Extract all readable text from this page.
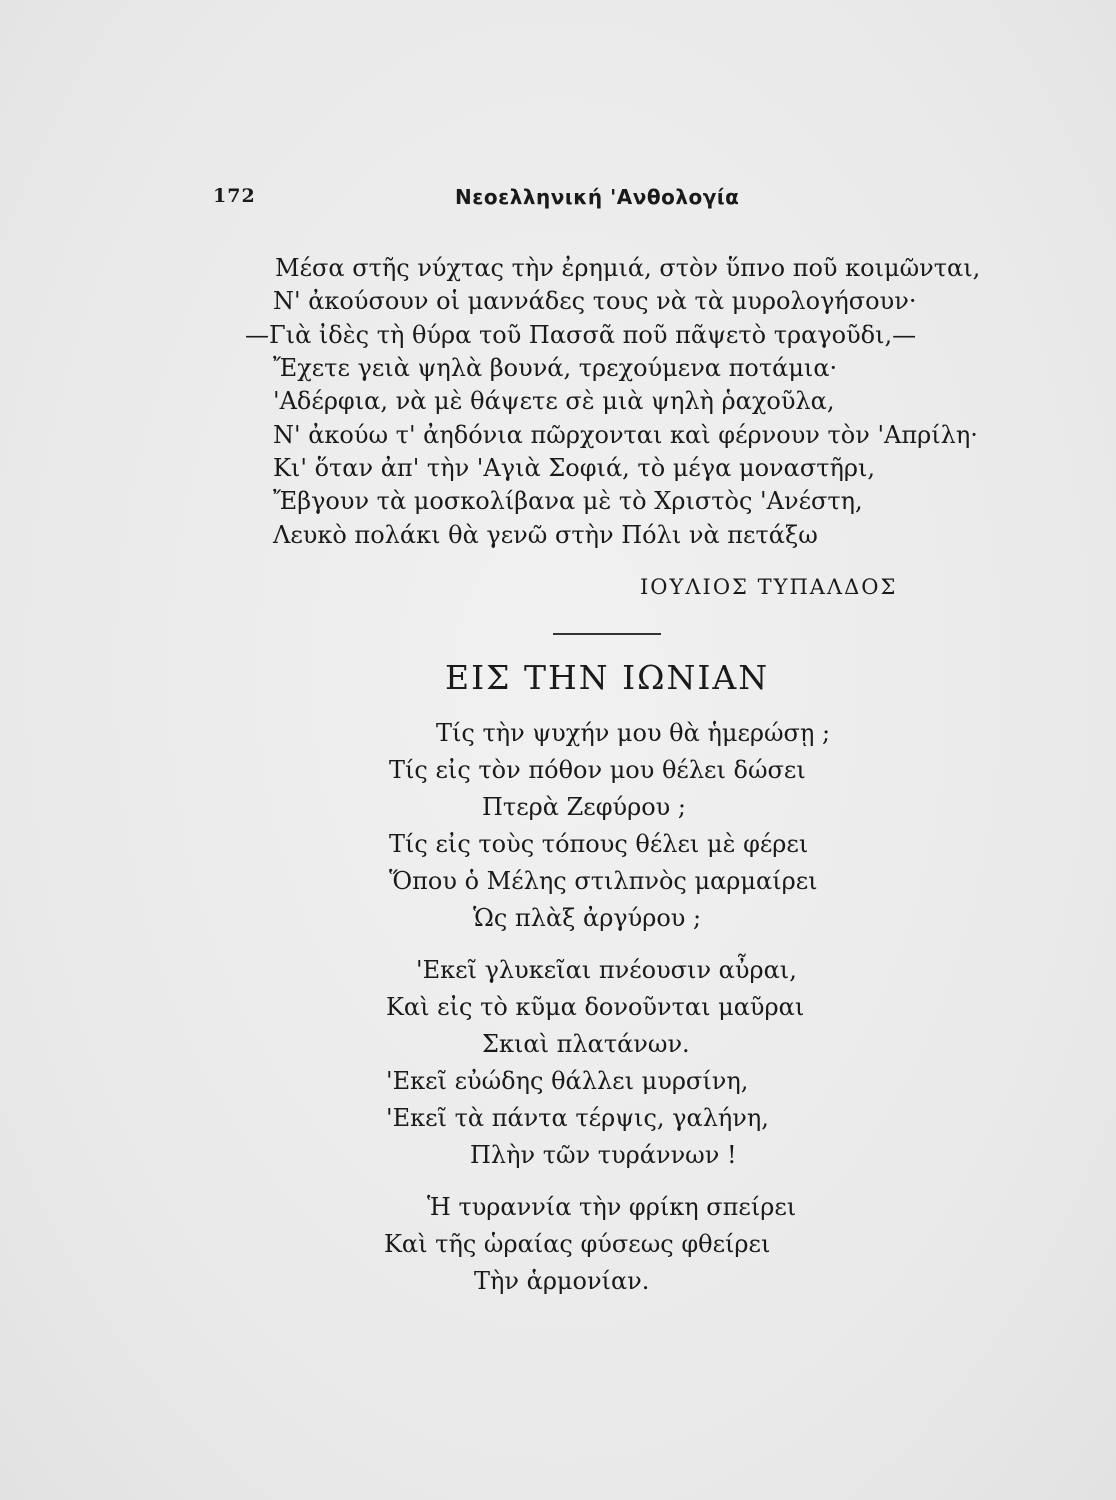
172	Νεοελληνική 'Ανθολογία
Μέσα στῆς νύχτας τὴν ἐρημιά, στὸν ὕπνο ποῦ κοιμῶνται,
Ν' ἀκούσουν οἱ μαννάδες τους νὰ τὰ μυρολογήσουν·
—Γιὰ ἰδὲς τὴ θύρα τοῦ Πασσᾶ ποῦ πᾶψετὸ τραγοῦδι,—
Ἔχετε γειὰ ψηλὰ βουνά, τρεχούμενα ποτάμια·
'Αδέρφια, νὰ μὲ θάψετε σὲ μιὰ ψηλὴ ῥαχοῦλα,
Ν' ἀκούω τ' ἀηδόνια πῶρχονται καὶ φέρνουν τὸν 'Απρίλη·
Κι' ὅταν ἀπ' τὴν 'Αγιὰ Σοφιά, τὸ μέγα μοναστῆρι,
Ἔβγουν τὰ μοσκολίβανα μὲ τὸ Χριστὸς 'Ανέστη,
Λευκὸ πολάκι θὰ γενῶ στὴν Πόλι νὰ πετάξω
ΙΟΥΛΙΟΣ ΤΥΠΑΛΔΟΣ
ΕΙΣ ΤΗΝ ΙΩΝΙΑΝ
Τίς τὴν ψυχήν μου θὰ ἡμερώσῃ ;
Τίς εἰς τὸν πόθον μου θέλει δώσει
Πτερὰ Ζεφύρου ;
Τίς εἰς τοὺς τόπους θέλει μὲ φέρει
Ὅπου ὁ Μέλης στιλπνὸς μαρμαίρει
Ὡς πλὰξ ἀργύρου ;
'Εκεῖ γλυκεῖαι πνέουσιν αὖραι,
Καὶ εἰς τὸ κῦμα δονοῦνται μαῦραι
Σκιαὶ πλατάνων.
'Εκεῖ εὐώδης θάλλει μυρσίνη,
'Εκεῖ τὰ πάντα τέρψις, γαλήνη,
Πλὴν τῶν τυράννων !
Ἡ τυραννία τὴν φρίκη σπείρει
Καὶ τῆς ὡραίας φύσεως φθείρει
Τὴν ἁρμονίαν.
